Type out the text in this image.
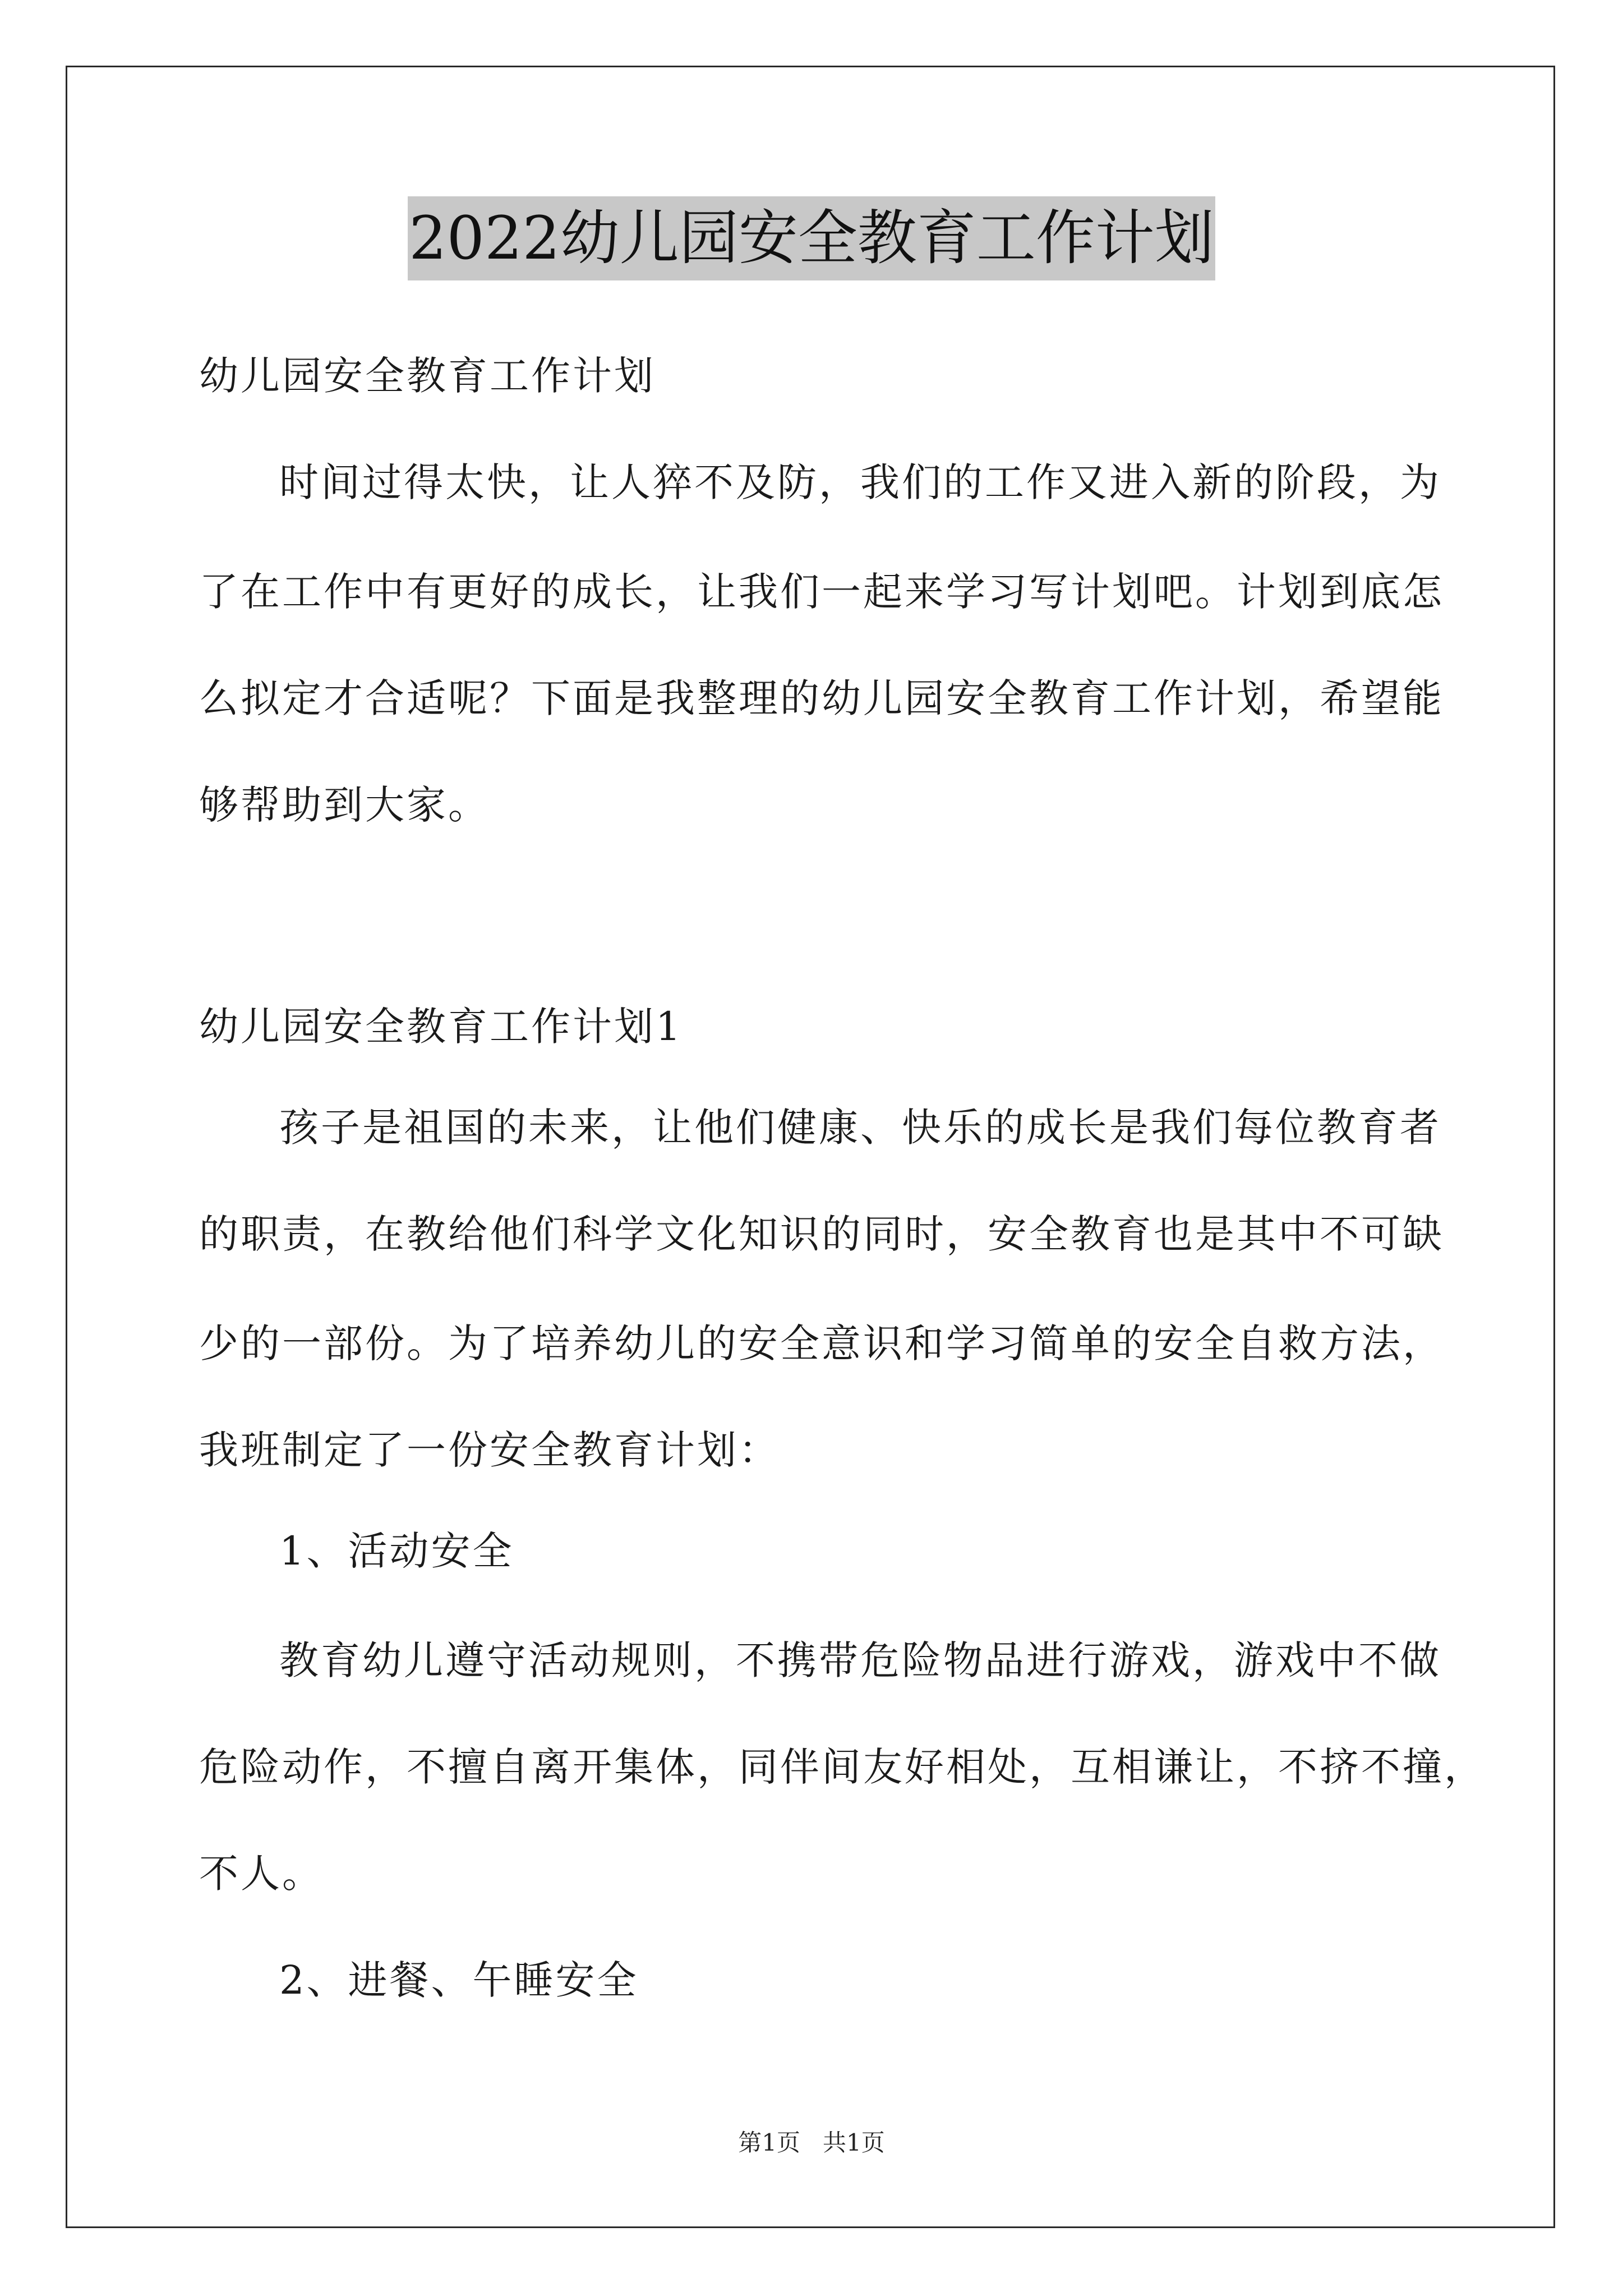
2022幼儿园安全教育工作计划
幼儿园安全教育工作计划
时间过得太快，让人猝不及防，我们的工作又进入新的阶段，为
了在工作中有更好的成长，让我们一起来学习写计划吧。计划到底怎
么拟定才合适呢？下面是我整理的幼儿园安全教育工作计划，希望能
够帮助到大家。
幼儿园安全教育工作计划1
孩子是祖国的未来，让他们健康、快乐的成长是我们每位教育者
的职责，在教给他们科学文化知识的同时，安全教育也是其中不可缺
少的一部份。为了培养幼儿的安全意识和学习简单的安全自救方法，
我班制定了一份安全教育计划：
1、活动安全
教育幼儿遵守活动规则，不携带危险物品进行游戏，游戏中不做
危险动作，不擅自离开集体，同伴间友好相处，互相谦让，不挤不撞，
不人。
2、进餐、午睡安全
第1页   共1页
